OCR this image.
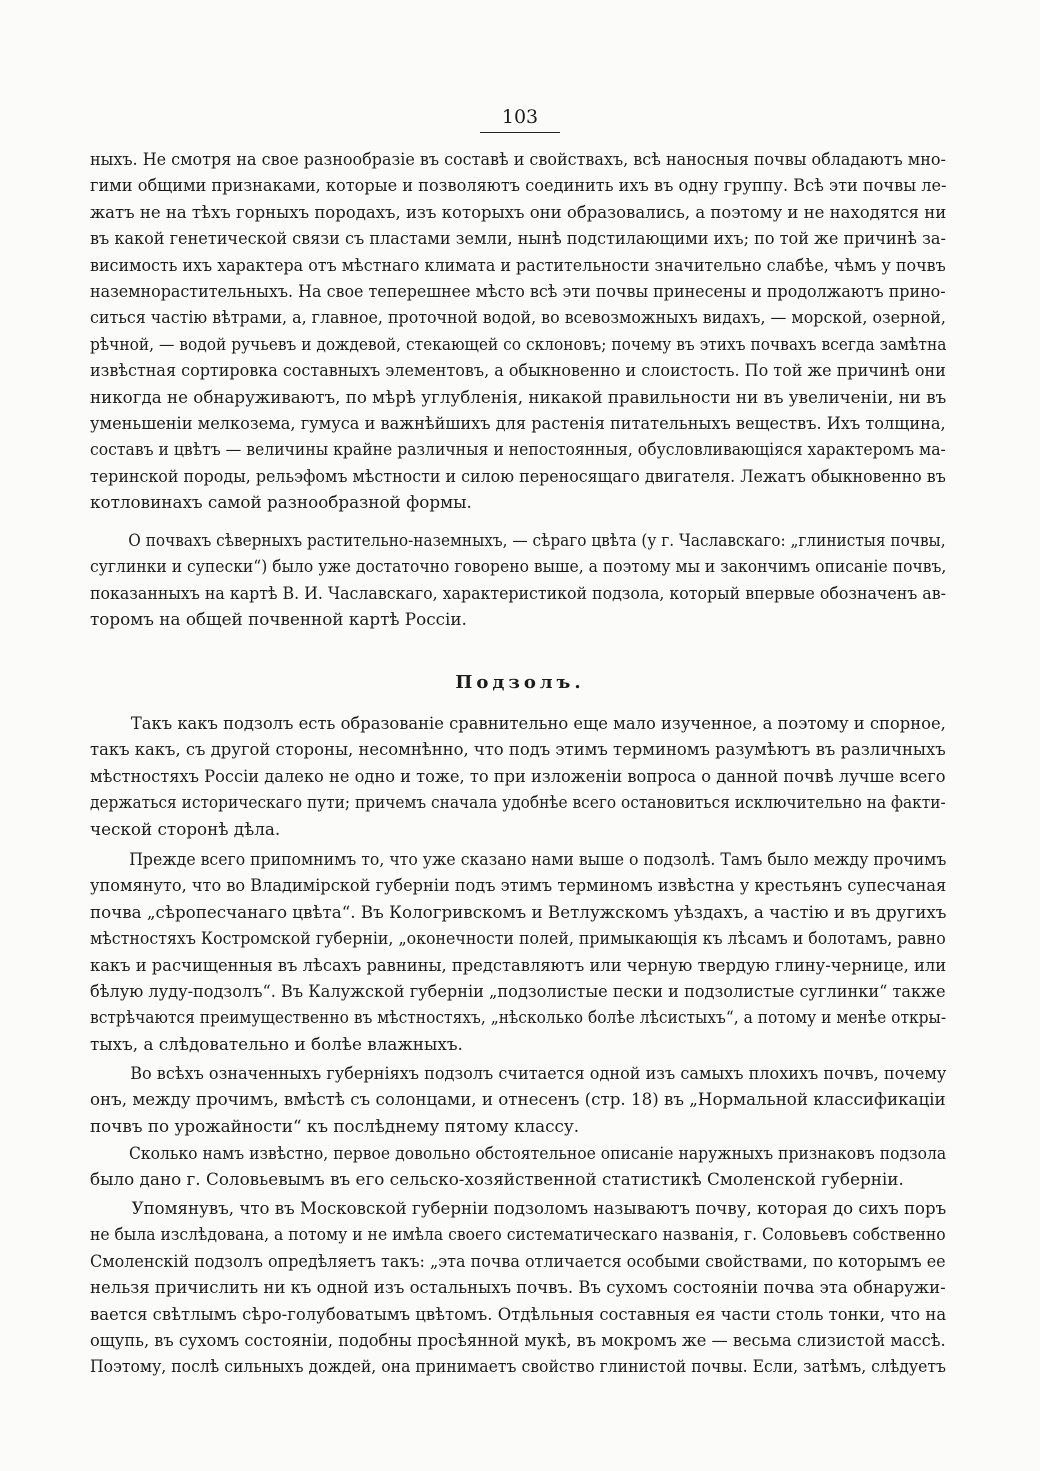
103
ныхъ. Не смотря на свое разнообразіе въ составѣ и свойствахъ, всѣ наносныя почвы обладаютъ мно-
гими общими признаками, которые и позволяютъ соединить ихъ въ одну группу. Всѣ эти почвы ле-
жатъ не на тѣхъ горныхъ породахъ, изъ которыхъ они образовались, а поэтому и не находятся ни
въ какой генетической связи съ пластами земли, нынѣ подстилающими ихъ; по той же причинѣ за-
висимость ихъ характера отъ мѣстнаго климата и растительности значительно слабѣе, чѣмъ у почвъ
наземнорастительныхъ. На свое теперешнее мѣсто всѣ эти почвы принесены и продолжаютъ прино-
ситься частію вѣтрами, а, главное, проточной водой, во всевозможныхъ видахъ, — морской, озерной,
рѣчной, — водой ручьевъ и дождевой, стекающей со склоновъ; почему въ этихъ почвахъ всегда замѣтна
извѣстная сортировка составныхъ элементовъ, а обыкновенно и слоистость. По той же причинѣ они
никогда не обнаруживаютъ, по мѣрѣ углубленія, никакой правильности ни въ увеличеніи, ни въ
уменьшеніи мелкозема, гумуса и важнѣйшихъ для растенія питательныхъ веществъ. Ихъ толщина,
составъ и цвѣтъ — величины крайне различныя и непостоянныя, обусловливающіяся характеромъ ма-
теринской породы, рельэфомъ мѣстности и силою переносящаго двигателя. Лежатъ обыкновенно въ
котловинахъ самой разнообразной формы.
О почвахъ сѣверныхъ растительно-наземныхъ, — сѣраго цвѣта (у г. Чаславскаго: „глинистыя почвы,
суглинки и супески“) было уже достаточно говорено выше, а поэтому мы и закончимъ описаніе почвъ,
показанныхъ на картѣ В. И. Чаславскаго, характеристикой подзола, который впервые обозначенъ ав-
торомъ на общей почвенной картѣ Россіи.
Подзолъ.
Такъ какъ подзолъ есть образованіе сравнительно еще мало изученное, а поэтому и спорное,
такъ какъ, съ другой стороны, несомнѣнно, что подъ этимъ терминомъ разумѣютъ въ различныхъ
мѣстностяхъ Россіи далеко не одно и тоже, то при изложеніи вопроса о данной почвѣ лучше всего
держаться историческаго пути; причемъ сначала удобнѣе всего остановиться исключительно на факти-
ческой сторонѣ дѣла.
Прежде всего припомнимъ то, что уже сказано нами выше о подзолѣ. Тамъ было между прочимъ
упомянуто, что во Владимірской губерніи подъ этимъ терминомъ извѣстна у крестьянъ супесчаная
почва „сѣропесчанаго цвѣта“. Въ Кологривскомъ и Ветлужскомъ уѣздахъ, а частію и въ другихъ
мѣстностяхъ Костромской губерніи, „оконечности полей, примыкающія къ лѣсамъ и болотамъ, равно
какъ и расчищенныя въ лѣсахъ равнины, представляютъ или черную твердую глину-чернице, или
бѣлую луду-подзолъ“. Въ Калужской губерніи „подзолистые пески и подзолистые суглинки“ также
встрѣчаются преимущественно въ мѣстностяхъ, „нѣсколько болѣе лѣсистыхъ“, а потому и менѣе откры-
тыхъ, а слѣдовательно и болѣе влажныхъ.
Во всѣхъ означенныхъ губерніяхъ подзолъ считается одной изъ самыхъ плохихъ почвъ, почему
онъ, между прочимъ, вмѣстѣ съ солонцами, и отнесенъ (стр. 18) въ „Нормальной классификаціи
почвъ по урожайности“ къ послѣднему пятому классу.
Сколько намъ извѣстно, первое довольно обстоятельное описаніе наружныхъ признаковъ подзола
было дано г. Соловьевымъ въ его сельско-хозяйственной статистикѣ Смоленской губерніи.
Упомянувъ, что въ Московской губерніи подзоломъ называютъ почву, которая до сихъ поръ
не была изслѣдована, а потому и не имѣла своего систематическаго названія, г. Соловьевъ собственно
Смоленскій подзолъ опредѣляетъ такъ: „эта почва отличается особыми свойствами, по которымъ ее
нельзя причислить ни къ одной изъ остальныхъ почвъ. Въ сухомъ состояніи почва эта обнаружи-
вается свѣтлымъ сѣро-голубоватымъ цвѣтомъ. Отдѣльныя составныя ея части столь тонки, что на
ощупь, въ сухомъ состояніи, подобны просѣянной мукѣ, въ мокромъ же — весьма слизистой массѣ.
Поэтому, послѣ сильныхъ дождей, она принимаетъ свойство глинистой почвы. Если, затѣмъ, слѣдуетъ
